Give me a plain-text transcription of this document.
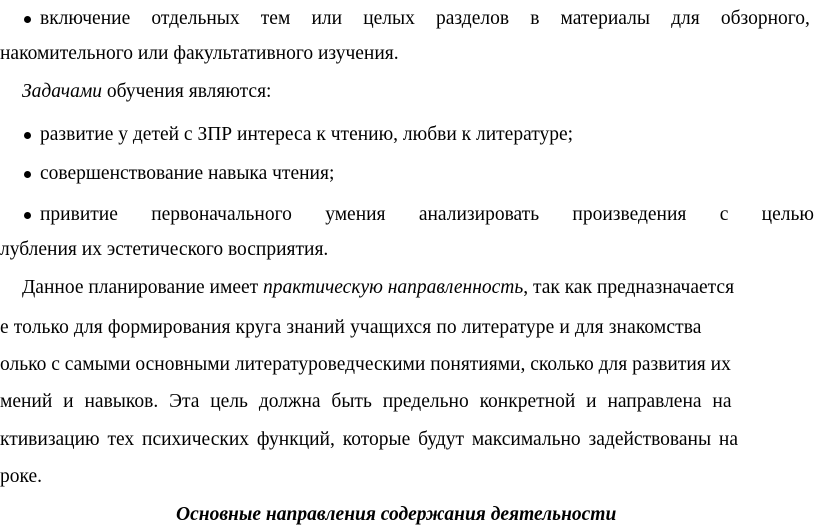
включение отдельных тем или целых разделов в материалы для обзорного,
накомительного или факультативного изучения.
Задачами обучения являются:
развитие у детей с ЗПР интереса к чтению, любви к литературе;
совершенствование навыка чтения;
привитие первоначального умения анализировать произведения с целью
лубления их эстетического восприятия.
Данное планирование имеет практическую направленность, так как предназначается
е только для формирования круга знаний учащихся по литературе и для знакомства
олько с самыми основными литературоведческими понятиями, сколько для развития их
мений и навыков. Эта цель должна быть предельно конкретной и направлена на
ктивизацию тех психических функций, которые будут максимально задействованы на
роке.
Основные направления содержания деятельности
